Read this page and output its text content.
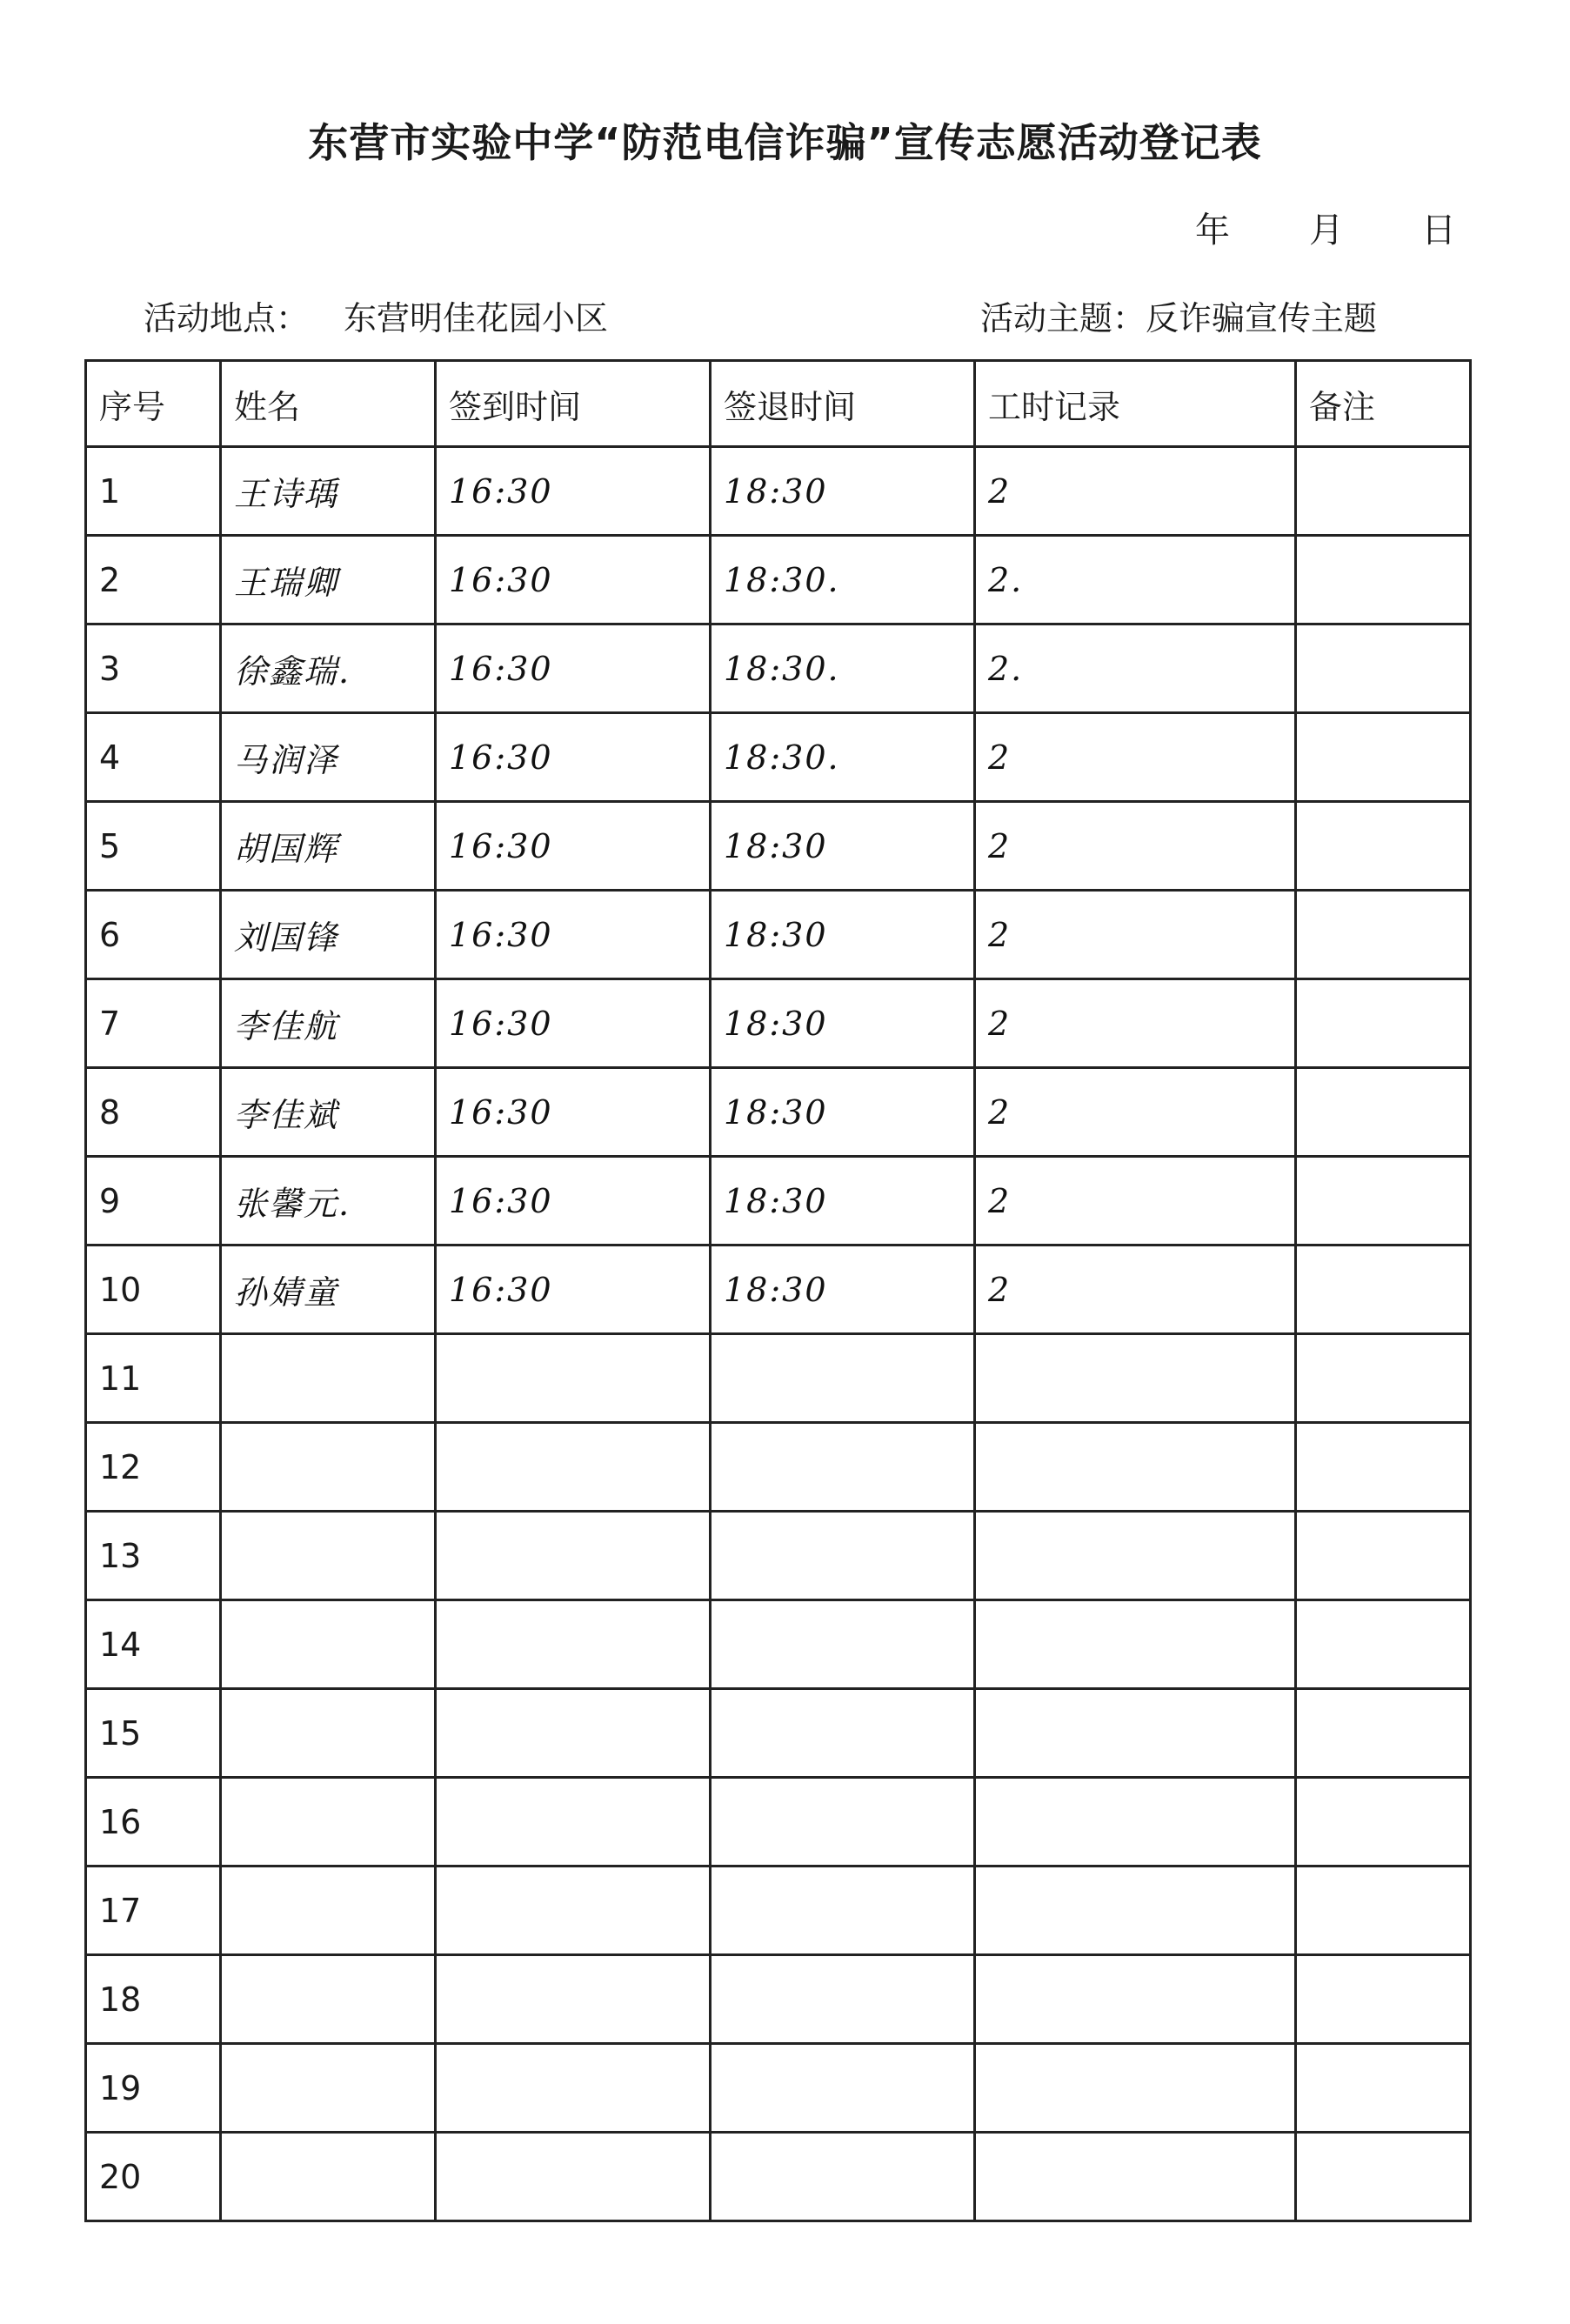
东营市实验中学“防范电信诈骗”宣传志愿活动登记表
年 月 日
活动地点： 东营明佳花园小区	活动主题：反诈骗宣传主题
序号	姓名	签到时间	签退时间	工时记录	备注
1	王诗瑀	16:30	18:30	2	
2	王瑞卿	16:30	18:30.	2.	
3	徐鑫瑞.	16:30	18:30.	2.	
4	马润泽	16:30	18:30.	2	
5	胡国辉	16:30	18:30	2	
6	刘国锋	16:30	18:30	2	
7	李佳航	16:30	18:30	2	
8	李佳斌	16:30	18:30	2	
9	张馨元.	16:30	18:30	2	
10	孙婧童	16:30	18:30	2	
11					
12					
13					
14					
15					
16					
17					
18					
19					
20					
